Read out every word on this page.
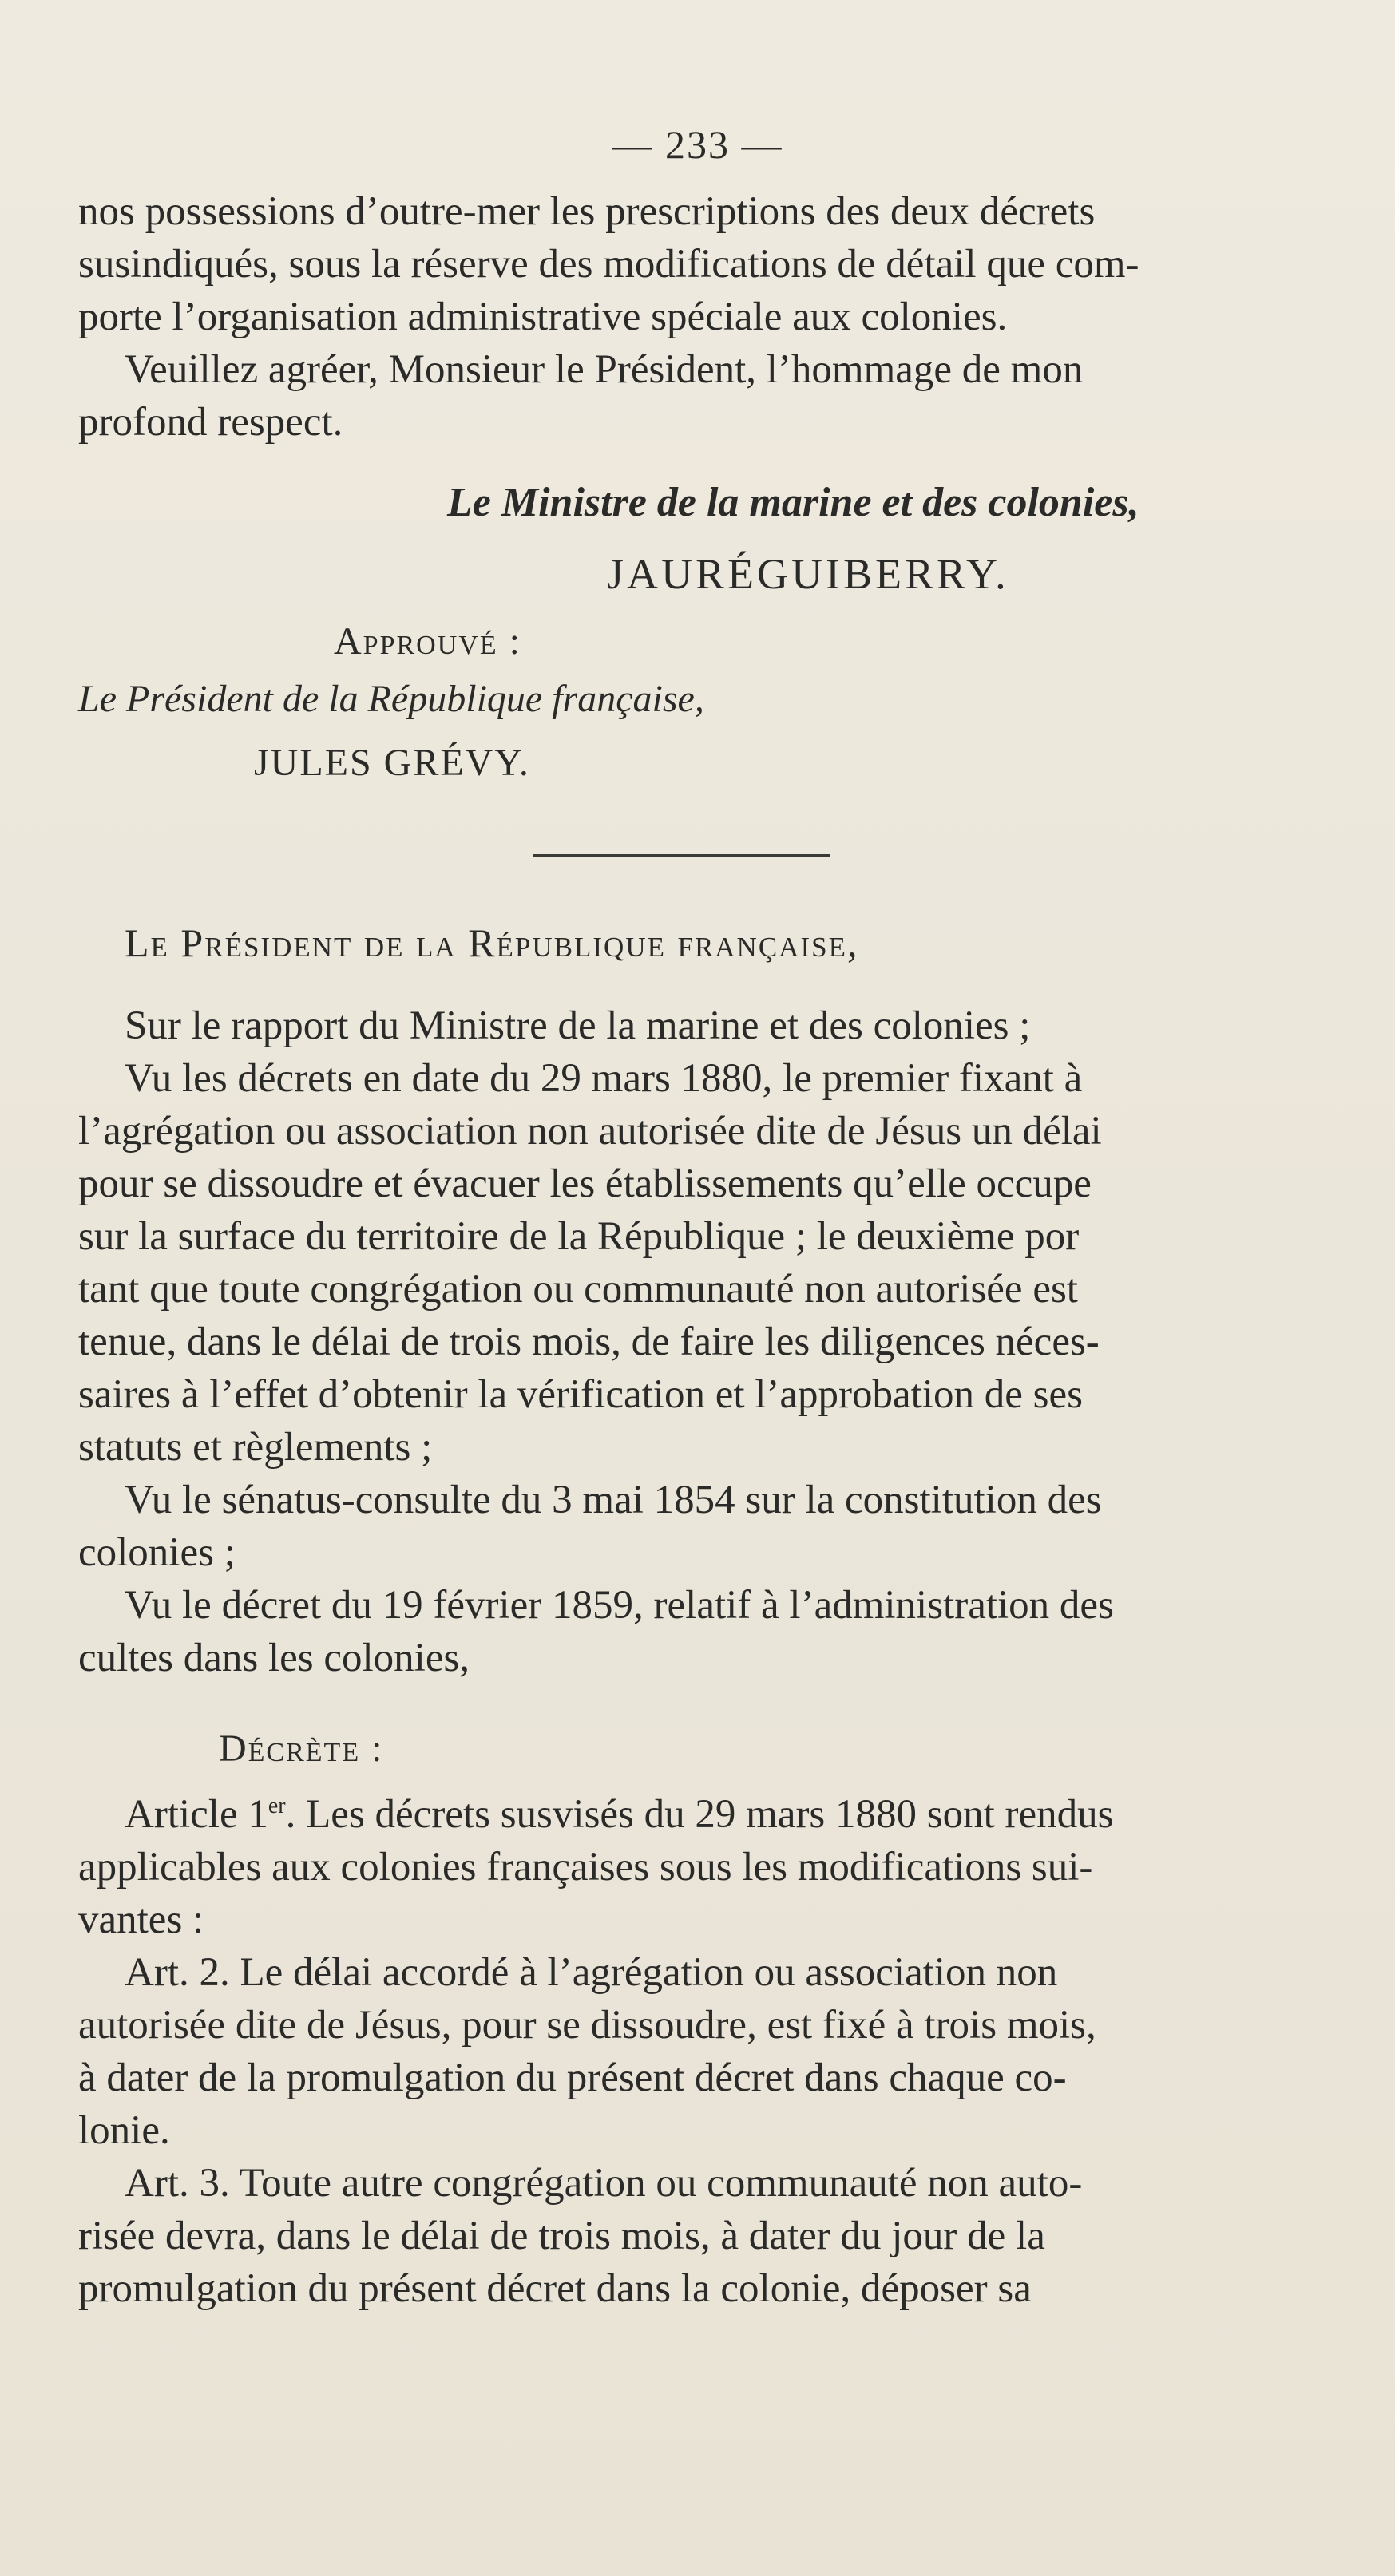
— 233 —

nos possessions d’outre-mer les prescriptions des deux décrets

susindiqués, sous la réserve des modifications de détail que com-

porte l’organisation administrative spéciale aux colonies.

Veuillez agréer, Monsieur le Président, l’hommage de mon

profond respect.

Le Ministre de la marine et des colonies,
JAURÉGUIBERRY.
Approuvé :
Le Président de la République française,
JULES GRÉVY.
Le Président de la République française,

Sur le rapport du Ministre de la marine et des colonies ;

Vu les décrets en date du 29 mars 1880, le premier fixant à

l’agrégation ou association non autorisée dite de Jésus un délai

pour se dissoudre et évacuer les établissements qu’elle occupe

sur la surface du territoire de la République ; le deuxième por

tant que toute congrégation ou communauté non autorisée est

tenue, dans le délai de trois mois, de faire les diligences néces-

saires à l’effet d’obtenir la vérification et l’approbation de ses

statuts et règlements ;

Vu le sénatus-consulte du 3 mai 1854 sur la constitution des

colonies ;

Vu le décret du 19 février 1859, relatif à l’administration des

cultes dans les colonies,

Décrète :

Article 1er. Les décrets susvisés du 29 mars 1880 sont rendus

applicables aux colonies françaises sous les modifications sui-

vantes :

Art. 2. Le délai accordé à l’agrégation ou association non

autorisée dite de Jésus, pour se dissoudre, est fixé à trois mois,

à dater de la promulgation du présent décret dans chaque co-

lonie.

Art. 3. Toute autre congrégation ou communauté non auto-

risée devra, dans le délai de trois mois, à dater du jour de la

promulgation du présent décret dans la colonie, déposer sa
